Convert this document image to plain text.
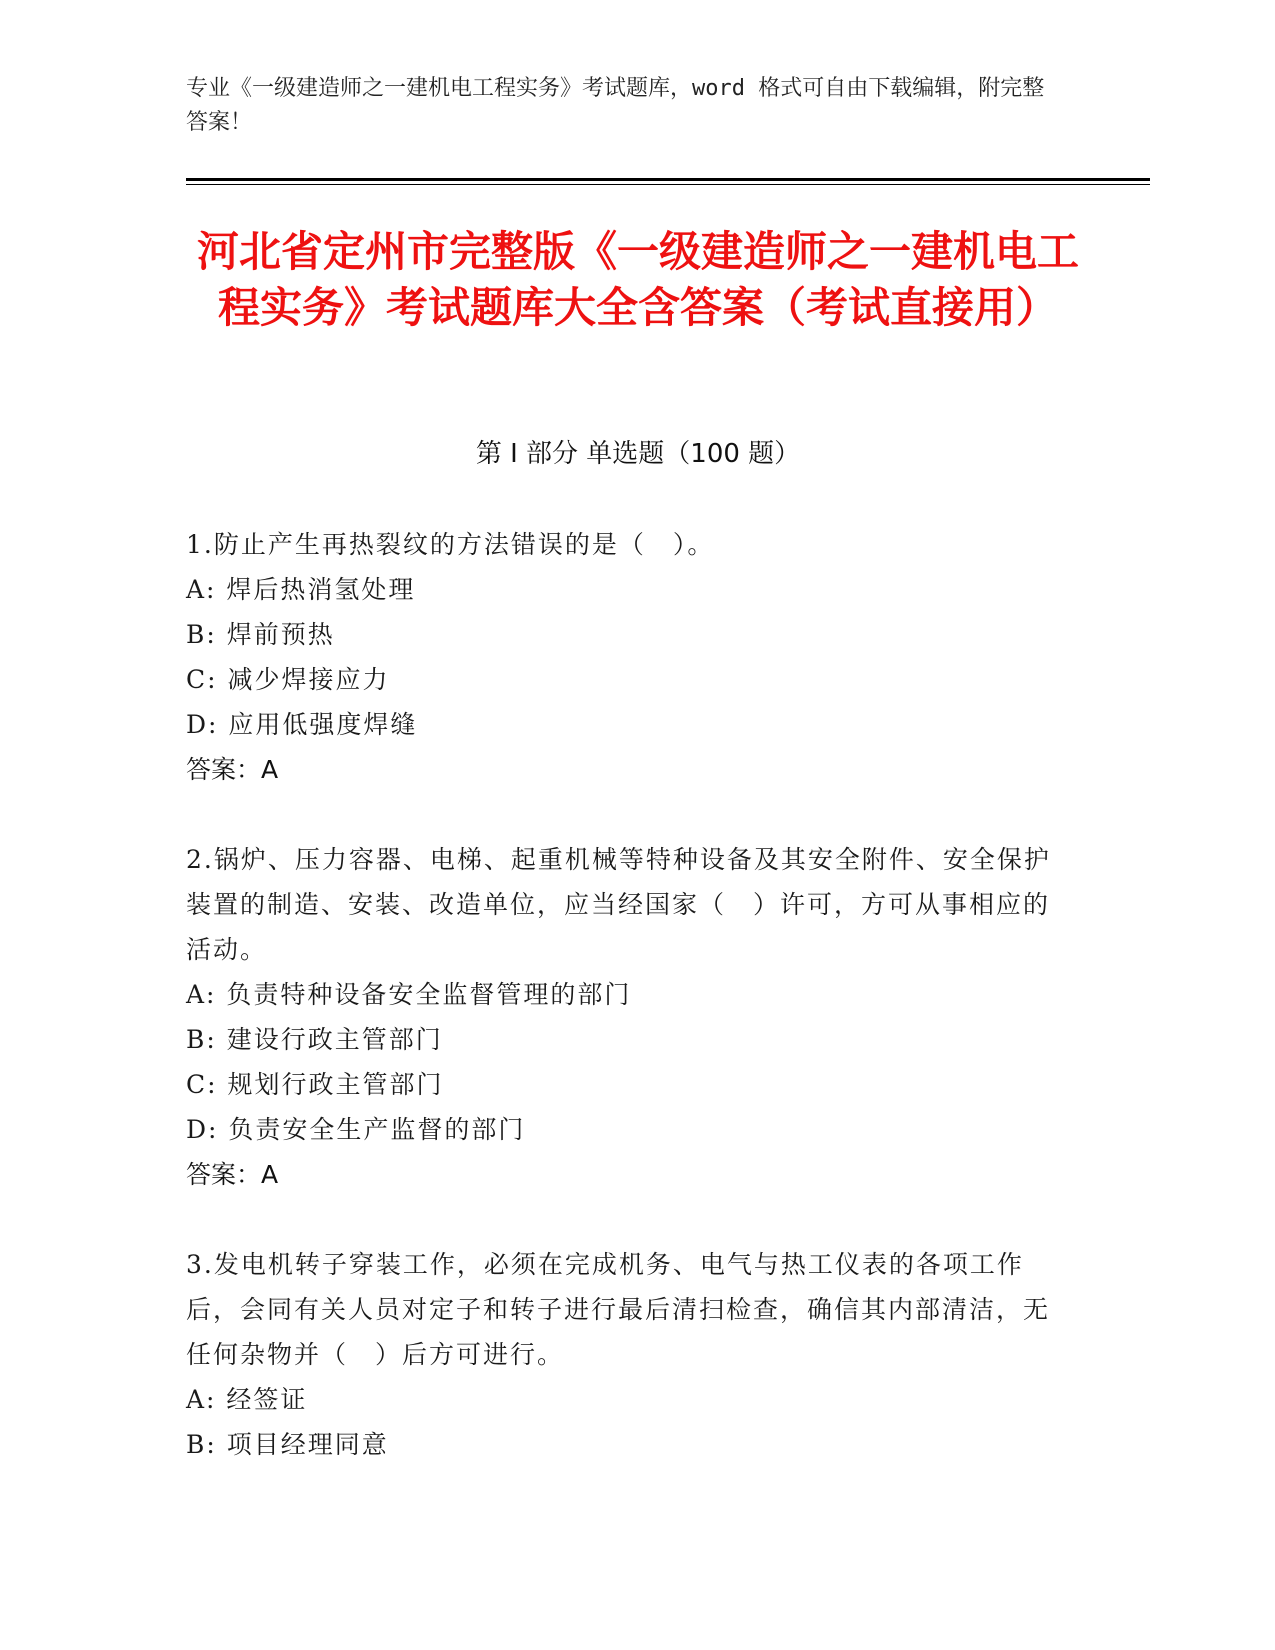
专业《一级建造师之一建机电工程实务》考试题库，word 格式可自由下载编辑，附完整答案！
河北省定州市完整版《一级建造师之一建机电工程实务》考试题库大全含答案（考试直接用）
第 I 部分 单选题（100 题）
1.防止产生再热裂纹的方法错误的是（　）。
A: 焊后热消氢处理
B: 焊前预热
C: 减少焊接应力
D: 应用低强度焊缝
答案：A
2.锅炉、压力容器、电梯、起重机械等特种设备及其安全附件、安全保护装置的制造、安装、改造单位，应当经国家（　）许可，方可从事相应的活动。
A: 负责特种设备安全监督管理的部门
B: 建设行政主管部门
C: 规划行政主管部门
D: 负责安全生产监督的部门
答案：A
3.发电机转子穿装工作，必须在完成机务、电气与热工仪表的各项工作后，会同有关人员对定子和转子进行最后清扫检查，确信其内部清洁，无任何杂物并（　）后方可进行。
A: 经签证
B: 项目经理同意
